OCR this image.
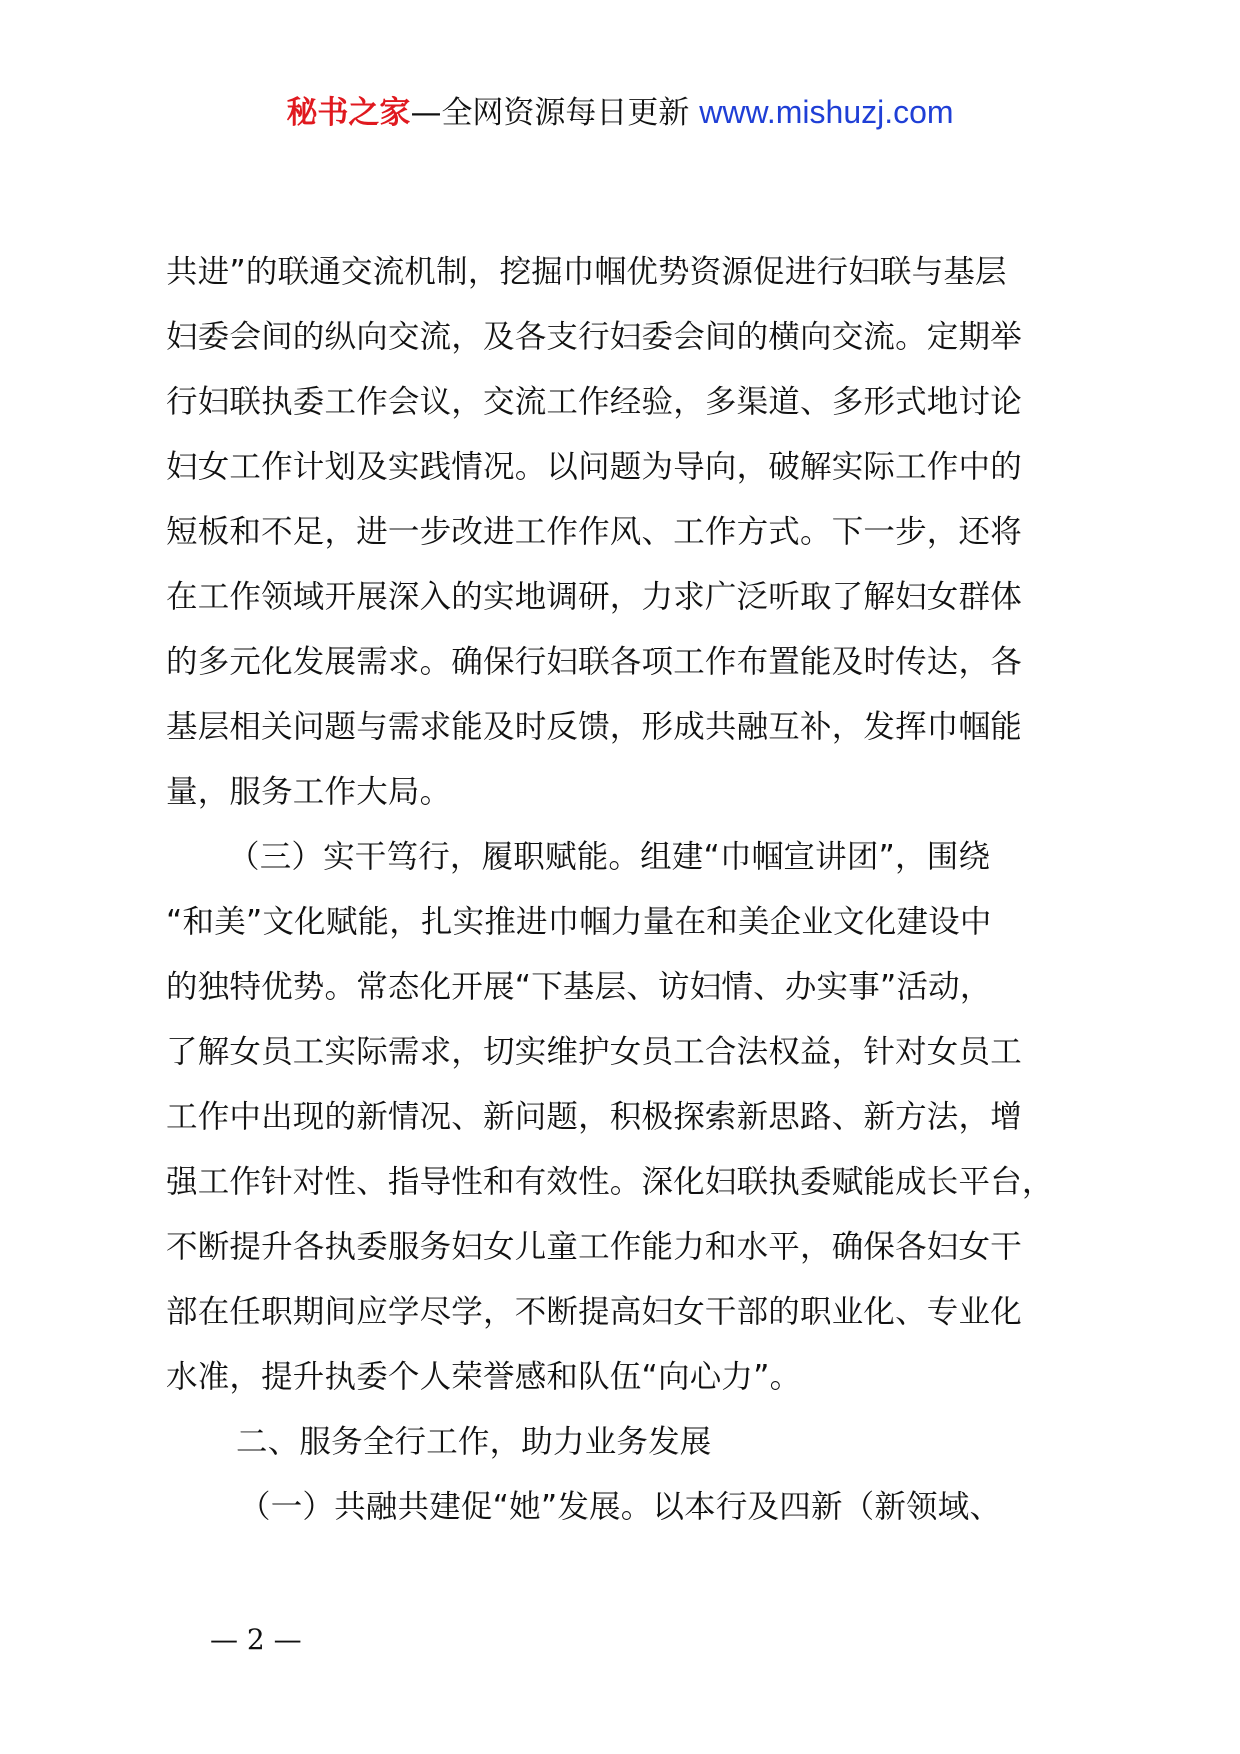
秘书之家—全网资源每日更新 www.mishuzj.com
共进”的联通交流机制，挖掘巾帼优势资源促进行妇联与基层
妇委会间的纵向交流，及各支行妇委会间的横向交流。定期举
行妇联执委工作会议，交流工作经验，多渠道、多形式地讨论
妇女工作计划及实践情况。以问题为导向，破解实际工作中的
短板和不足，进一步改进工作作风、工作方式。下一步，还将
在工作领域开展深入的实地调研，力求广泛听取了解妇女群体
的多元化发展需求。确保行妇联各项工作布置能及时传达，各
基层相关问题与需求能及时反馈，形成共融互补，发挥巾帼能
量，服务工作大局。
（三）实干笃行，履职赋能。组建“巾帼宣讲团”，围绕
“和美”文化赋能，扎实推进巾帼力量在和美企业文化建设中
的独特优势。常态化开展“下基层、访妇情、办实事”活动，
了解女员工实际需求，切实维护女员工合法权益，针对女员工
工作中出现的新情况、新问题，积极探索新思路、新方法，增
强工作针对性、指导性和有效性。深化妇联执委赋能成长平台，
不断提升各执委服务妇女儿童工作能力和水平，确保各妇女干
部在任职期间应学尽学，不断提高妇女干部的职业化、专业化
水准，提升执委个人荣誉感和队伍“向心力”。
二、服务全行工作，助力业务发展
（一）共融共建促“她”发展。以本行及四新（新领域、
— 2 —
